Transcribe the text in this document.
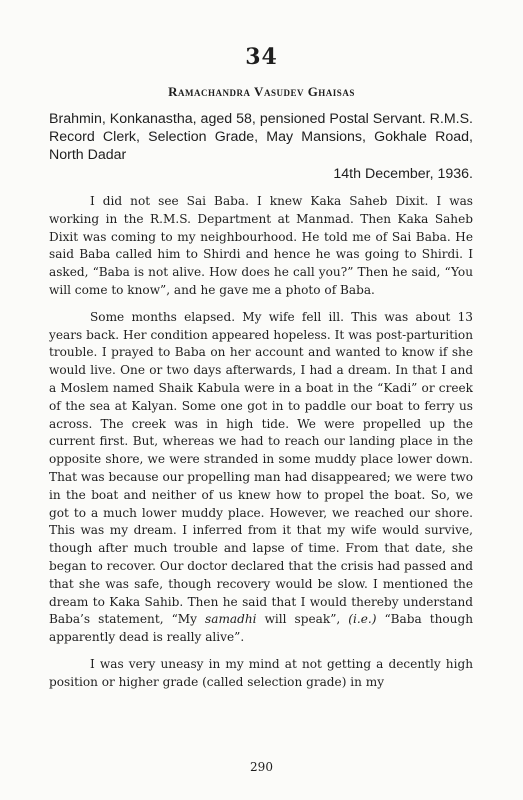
34
Ramachandra Vasudev Ghaisas
Brahmin, Konkanastha, aged 58, pensioned Postal Servant. R.M.S. Record Clerk, Selection Grade, May Mansions, Gokhale Road, North Dadar
14th December, 1936.

I did not see Sai Baba. I knew Kaka Saheb Dixit. I was working in the R.M.S. Department at Manmad. Then Kaka Saheb Dixit was coming to my neighbourhood. He told me of Sai Baba. He said Baba called him to Shirdi and hence he was going to Shirdi. I asked, “Baba is not alive. How does he call you?” Then he said, “You will come to know”, and he gave me a photo of Baba.

Some months elapsed. My wife fell ill. This was about 13 years back. Her condition appeared hopeless. It was post-parturition trouble. I prayed to Baba on her account and wanted to know if she would live. One or two days afterwards, I had a dream. In that I and a Moslem named Shaik Kabula were in a boat in the “Kadi” or creek of the sea at Kalyan. Some one got in to paddle our boat to ferry us across. The creek was in high tide. We were propelled up the current first. But, whereas we had to reach our landing place in the opposite shore, we were stranded in some muddy place lower down. That was because our propelling man had disappeared; we were two in the boat and neither of us knew how to propel the boat. So, we got to a much lower muddy place. However, we reached our shore. This was my dream. I inferred from it that my wife would survive, though after much trouble and lapse of time. From that date, she began to recover. Our doctor declared that the crisis had passed and that she was safe, though recovery would be slow. I mentioned the dream to Kaka Sahib. Then he said that I would thereby understand Baba’s statement, “My samadhi will speak”, (i.e.) “Baba though apparently dead is really alive”.

I was very uneasy in my mind at not getting a decently high position or higher grade (called selection grade) in my

290
